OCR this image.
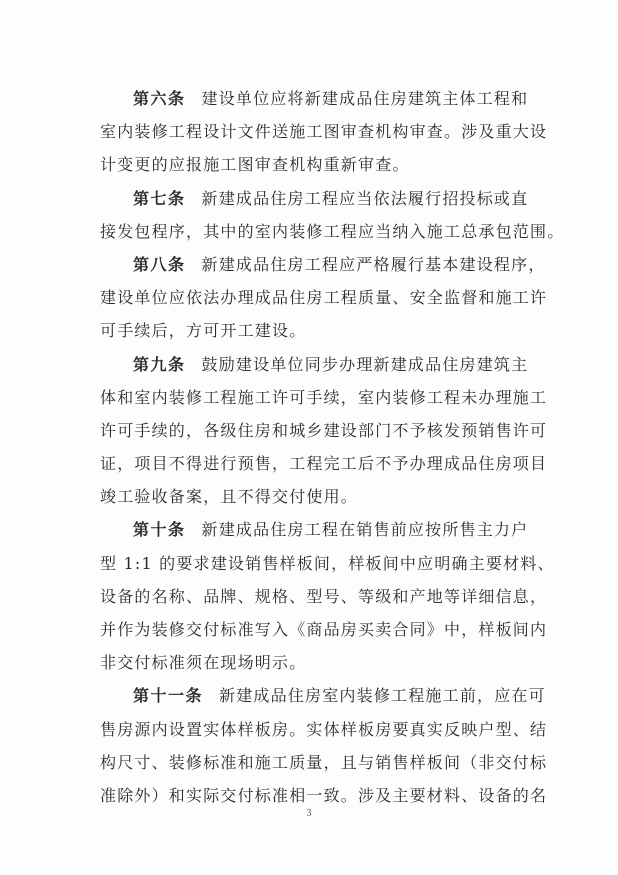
第六条 建设单位应将新建成品住房建筑主体工程和
室内装修工程设计文件送施工图审查机构审查。涉及重大设
计变更的应报施工图审查机构重新审查。
第七条 新建成品住房工程应当依法履行招投标或直
接发包程序，其中的室内装修工程应当纳入施工总承包范围。
第八条 新建成品住房工程应严格履行基本建设程序，
建设单位应依法办理成品住房工程质量、安全监督和施工许
可手续后，方可开工建设。
第九条 鼓励建设单位同步办理新建成品住房建筑主
体和室内装修工程施工许可手续，室内装修工程未办理施工
许可手续的，各级住房和城乡建设部门不予核发预销售许可
证，项目不得进行预售，工程完工后不予办理成品住房项目
竣工验收备案，且不得交付使用。
第十条 新建成品住房工程在销售前应按所售主力户
型 1:1 的要求建设销售样板间，样板间中应明确主要材料、
设备的名称、品牌、规格、型号、等级和产地等详细信息，
并作为装修交付标准写入《商品房买卖合同》中，样板间内
非交付标准须在现场明示。
第十一条 新建成品住房室内装修工程施工前，应在可
售房源内设置实体样板房。实体样板房要真实反映户型、结
构尺寸、装修标准和施工质量，且与销售样板间（非交付标
准除外）和实际交付标准相一致。涉及主要材料、设备的名
3
